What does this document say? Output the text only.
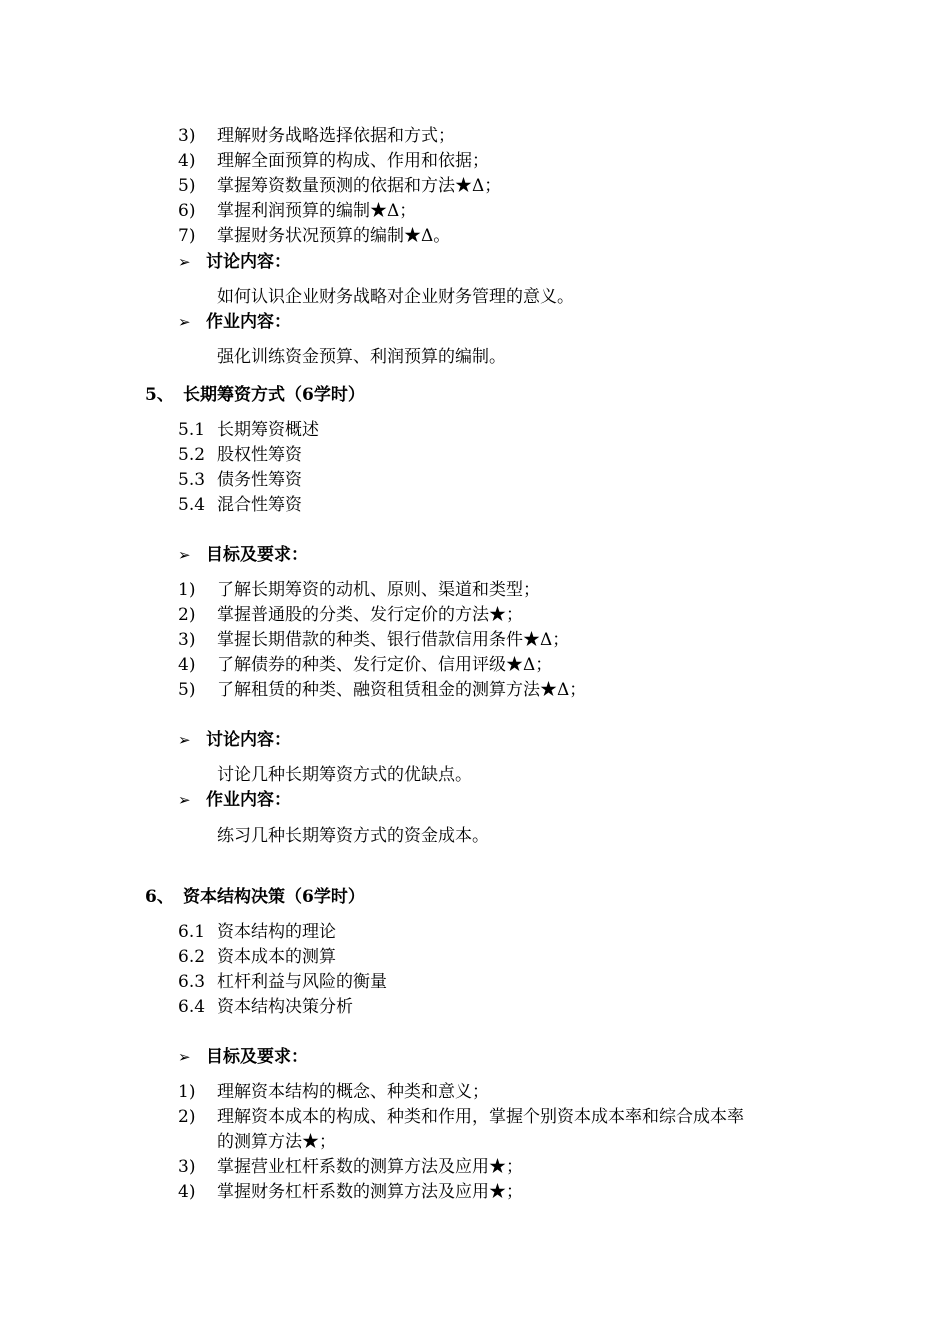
3) 理解财务战略选择依据和方式；
4) 理解全面预算的构成、作用和依据；
5) 掌握筹资数量预测的依据和方法★Δ；
6) 掌握利润预算的编制★Δ；
7) 掌握财务状况预算的编制★Δ。
➢ 讨论内容：
如何认识企业财务战略对企业财务管理的意义。
➢ 作业内容：
强化训练资金预算、利润预算的编制。
5、 长期筹资方式（6学时）
5.1 长期筹资概述
5.2 股权性筹资
5.3 债务性筹资
5.4 混合性筹资
➢ 目标及要求：
1) 了解长期筹资的动机、原则、渠道和类型；
2) 掌握普通股的分类、发行定价的方法★；
3) 掌握长期借款的种类、银行借款信用条件★Δ；
4) 了解债券的种类、发行定价、信用评级★Δ；
5) 了解租赁的种类、融资租赁租金的测算方法★Δ；
➢ 讨论内容：
讨论几种长期筹资方式的优缺点。
➢ 作业内容：
练习几种长期筹资方式的资金成本。
6、 资本结构决策（6学时）
6.1 资本结构的理论
6.2 资本成本的测算
6.3 杠杆利益与风险的衡量
6.4 资本结构决策分析
➢ 目标及要求：
1) 理解资本结构的概念、种类和意义；
2) 理解资本成本的构成、种类和作用，掌握个别资本成本率和综合成本率
的测算方法★；
3) 掌握营业杠杆系数的测算方法及应用★；
4) 掌握财务杠杆系数的测算方法及应用★；
